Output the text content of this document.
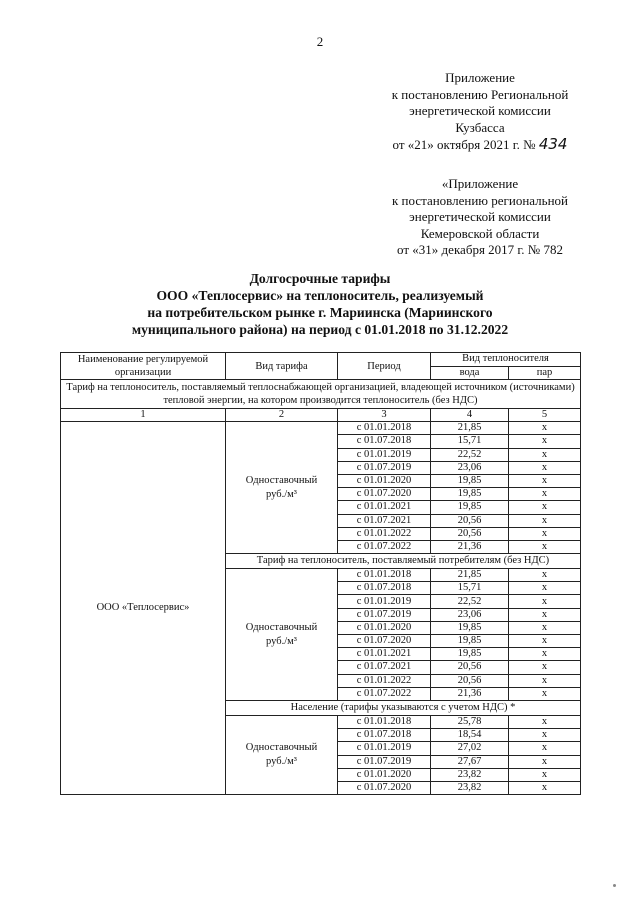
2
Приложение
к постановлению Региональной
энергетической комиссии
Кузбасса
от «21» октября 2021 г. № 434
«Приложение
к постановлению региональной
энергетической комиссии
Кемеровской области
от «31» декабря 2017 г. № 782
Долгосрочные тарифы
ООО «Теплосервис» на теплоноситель, реализуемый
на потребительском рынке г. Мариинска (Мариинского
муниципального района) на период с 01.01.2018 по 31.12.2022
Наименование регулируемой организации	Вид тарифа	Период	Вид теплоносителя	
			вода	пар
Тариф на теплоноситель, поставляемый теплоснабжающей организацией, владеющей источником (источниками) тепловой энергии, на котором производится теплоноситель (без НДС)				
1	2	3	4	5
ООО «Теплосервис»	Одноставочный
руб./м³	с 01.01.2018	21,85	х
		с 01.07.2018	15,71	х
		с 01.01.2019	22,52	х
		с 01.07.2019	23,06	х
		с 01.01.2020	19,85	х
		с 01.07.2020	19,85	х
		с 01.01.2021	19,85	х
		с 01.07.2021	20,56	х
		с 01.01.2022	20,56	х
		с 01.07.2022	21,36	х
	Тариф на теплоноситель, поставляемый потребителям (без НДС)			

	Одноставочный
руб./м³	с 01.01.2018	21,85	х
		с 01.07.2018	15,71	х
		с 01.01.2019	22,52	х
		с 01.07.2019	23,06	х
		с 01.01.2020	19,85	х
		с 01.07.2020	19,85	х
		с 01.01.2021	19,85	х
		с 01.07.2021	20,56	х
		с 01.01.2022	20,56	х
		с 01.07.2022	21,36	х
	Население (тарифы указываются с учетом НДС) *			

	Одноставочный
руб./м³	с 01.01.2018	25,78	х
		с 01.07.2018	18,54	х
		с 01.01.2019	27,02	х
		с 01.07.2019	27,67	х
		с 01.01.2020	23,82	х
		с 01.07.2020	23,82	х
